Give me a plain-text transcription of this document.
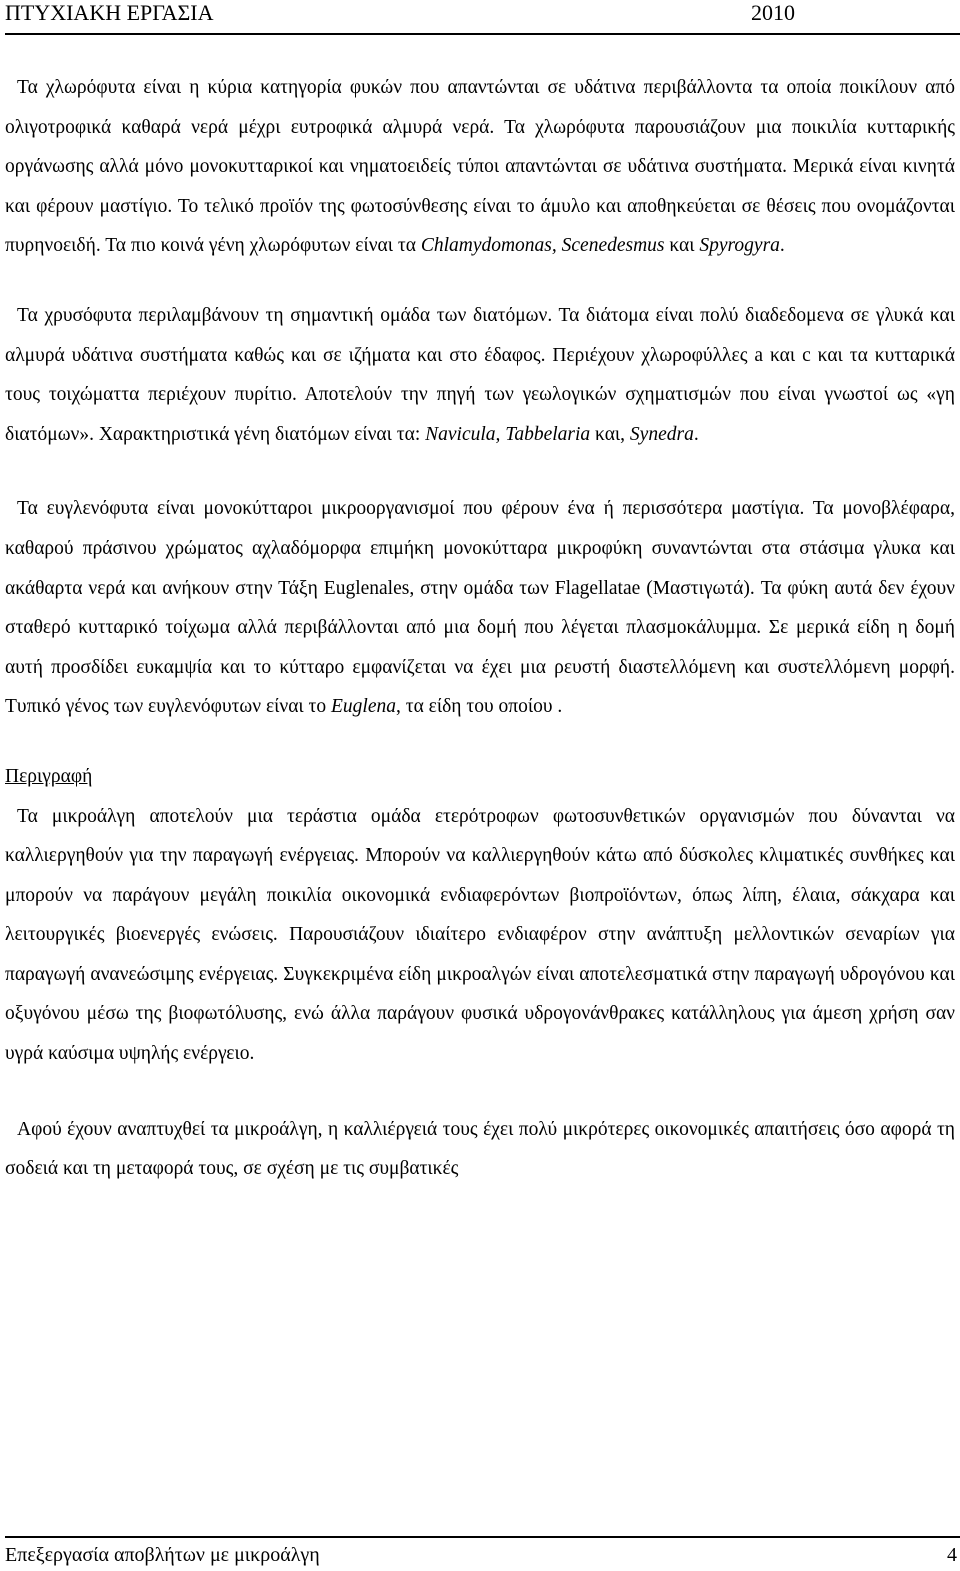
ΠΤΥΧΙΑΚΗ ΕΡΓΑΣΙΑ	2010

Τα χλωρόφυτα είναι η κύρια κατηγορία φυκών που απαντώνται σε υδάτινα περιβάλλοντα τα οποία ποικίλουν από ολιγοτροφικά καθαρά νερά μέχρι ευτροφικά αλμυρά νερά. Τα χλωρόφυτα παρουσιάζουν μια ποικιλία κυτταρικής οργάνωσης αλλά μόνο μονοκυτταρικοί και νηματοειδείς τύποι απαντώνται σε υδάτινα συστήματα. Μερικά είναι κινητά και φέρουν μαστίγιο. Το τελικό προϊόν της φωτοσύνθεσης είναι το άμυλο και αποθηκεύεται σε θέσεις που ονομάζονται πυρηνοειδή. Τα πιο κοινά γένη χλωρόφυτων είναι τα Chlamydomonas, Scenedesmus και Spyrogyra.

Τα χρυσόφυτα περιλαμβάνουν τη σημαντική ομάδα των διατόμων. Τα διάτομα είναι πολύ διαδεδομενα σε γλυκά και αλμυρά υδάτινα συστήματα καθώς και σε ιζήματα και στο έδαφος. Περιέχουν χλωροφύλλες a και c και τα κυτταρικά τους τοιχώματτα περιέχουν πυρίτιο. Αποτελούν την πηγή των γεωλογικών σχηματισμών που είναι γνωστοί ως «γη διατόμων». Χαρακτηριστικά γένη διατόμων είναι τα: Navicula, Tabbelaria και, Synedra.

Τα ευγλενόφυτα είναι μονοκύτταροι μικροοργανισμοί που φέρουν ένα ή περισσότερα μαστίγια. Τα μονοβλέφαρα, καθαρού πράσινου χρώματος αχλαδόμορφα επιμήκη μονοκύτταρα μικροφύκη συναντώνται στα στάσιμα γλυκα και ακάθαρτα νερά και ανήκουν στην Τάξη Euglenales, στην ομάδα των Flagellatae (Μαστιγωτά). Τα φύκη αυτά δεν έχουν σταθερό κυτταρικό τοίχωμα αλλά περιβάλλονται από μια δομή που λέγεται πλασμοκάλυμμα. Σε μερικά είδη η δομή αυτή προσδίδει ευκαμψία και το κύτταρο εμφανίζεται να έχει μια ρευστή διαστελλόμενη και συστελλόμενη μορφή. Τυπικό γένος των ευγλενόφυτων είναι το Euglena, τα είδη του οποίου .

Περιγραφή

Τα μικροάλγη αποτελούν μια τεράστια ομάδα ετερότροφων φωτοσυνθετικών οργανισμών που δύνανται να καλλιεργηθούν για την παραγωγή ενέργειας. Μπορούν να καλλιεργηθούν κάτω από δύσκολες κλιματικές συνθήκες και μπορούν να παράγουν μεγάλη ποικιλία οικονομικά ενδιαφερόντων βιοπροϊόντων, όπως λίπη, έλαια, σάκχαρα και λειτουργικές βιοενεργές ενώσεις. Παρουσιάζουν ιδιαίτερο ενδιαφέρον στην ανάπτυξη μελλοντικών σεναρίων για παραγωγή ανανεώσιμης ενέργειας. Συγκεκριμένα είδη μικροαλγών είναι αποτελεσματικά στην παραγωγή υδρογόνου και οξυγόνου μέσω της βιοφωτόλυσης, ενώ άλλα παράγουν φυσικά υδρογονάνθρακες κατάλληλους για άμεση χρήση σαν υγρά καύσιμα υψηλής ενέργειο.

Αφού έχουν αναπτυχθεί τα μικροάλγη, η καλλιέργειά τους έχει πολύ μικρότερες οικονομικές απαιτήσεις όσο αφορά τη σοδειά και τη μεταφορά τους, σε σχέση με τις συμβατικές

Επεξεργασία αποβλήτων με μικροάλγη	4
